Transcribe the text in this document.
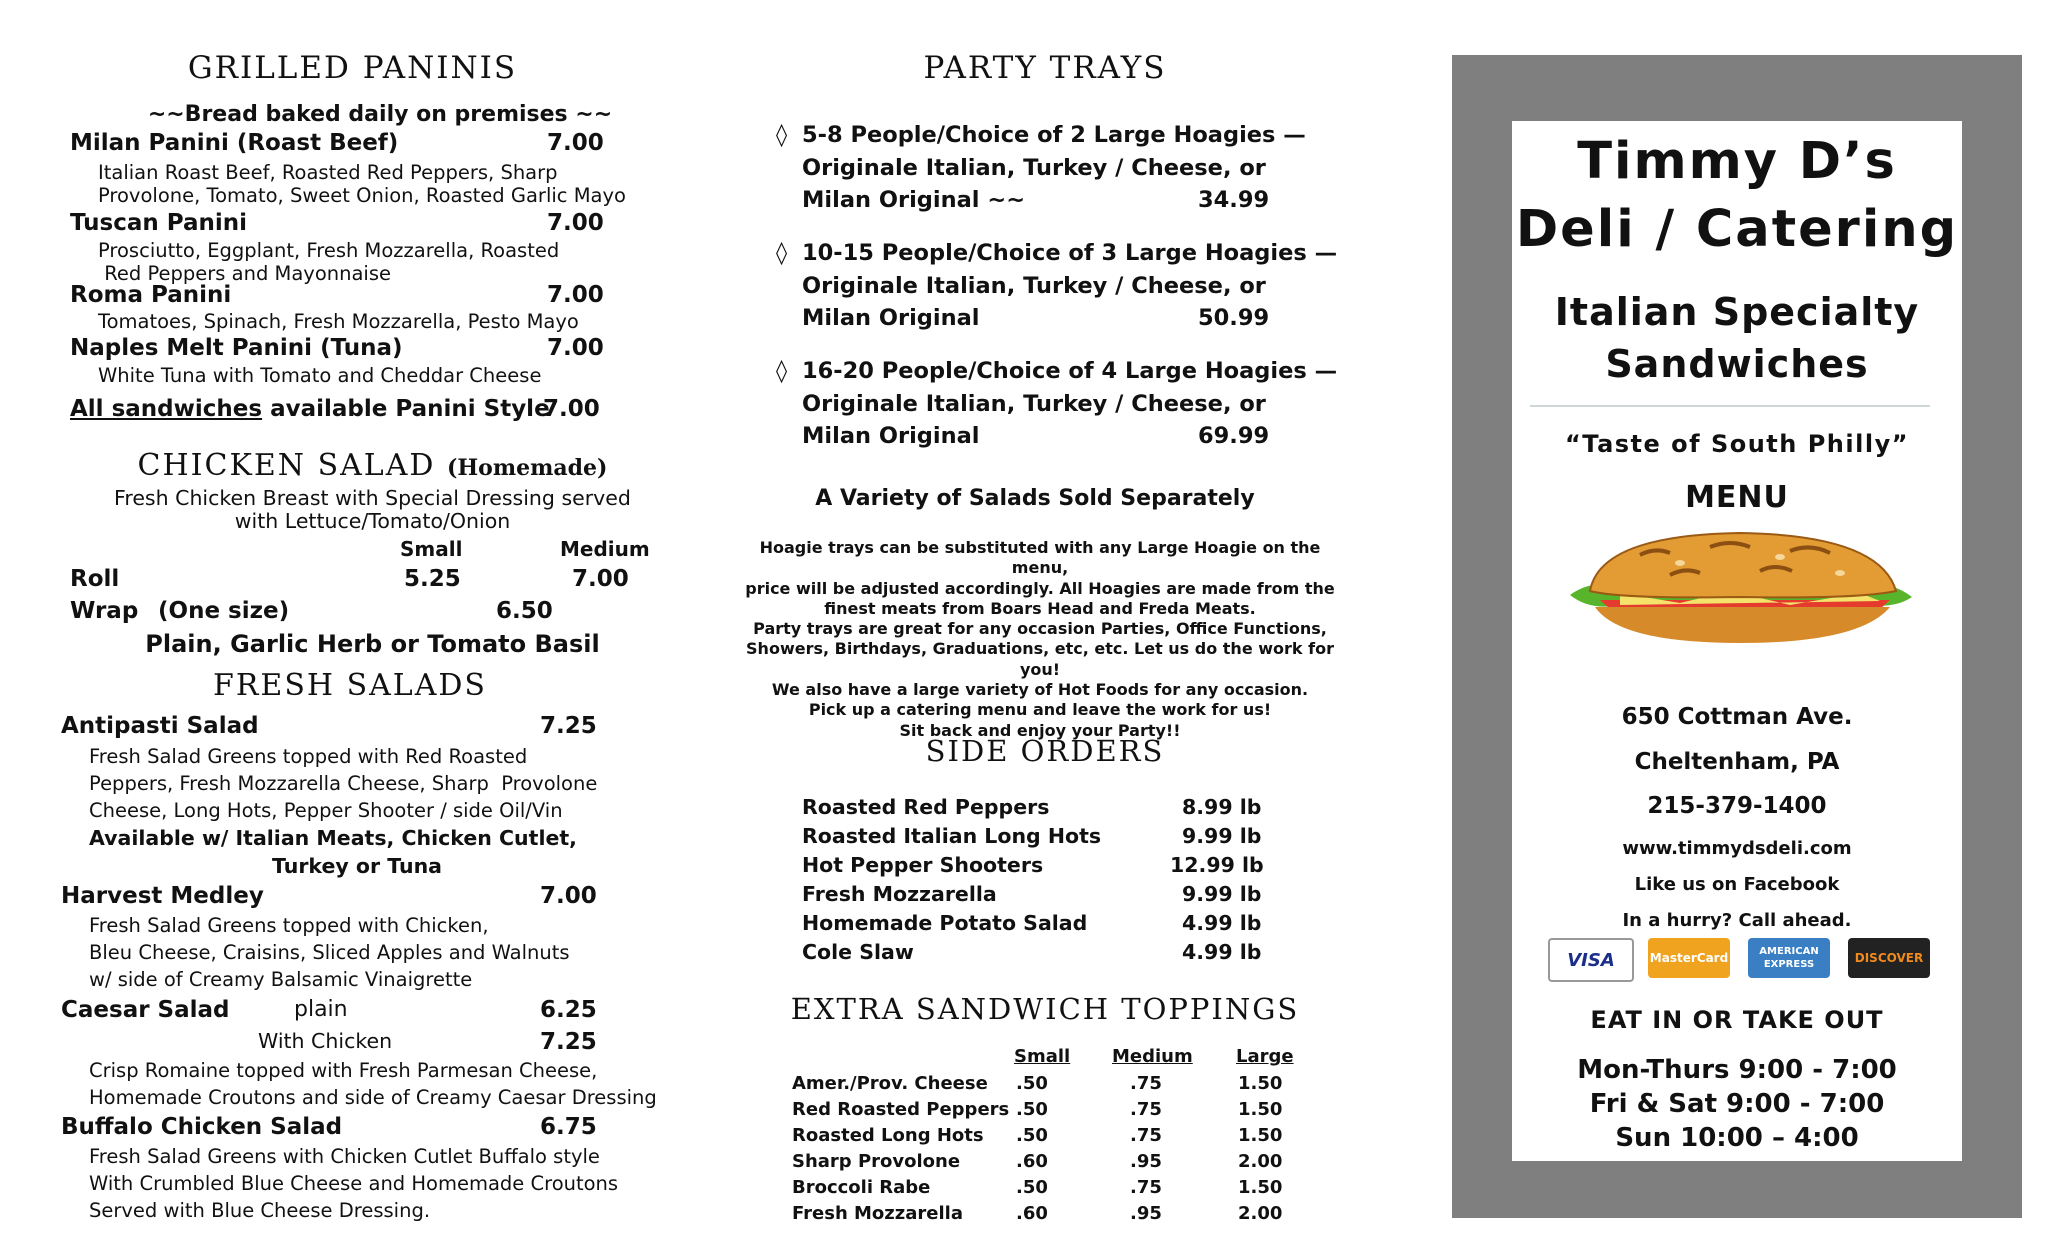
GRILLED PANINIS
~~Bread baked daily on premises ~~
Milan Panini (Roast Beef)	7.00
Italian Roast Beef, Roasted Red Peppers, Sharp
Provolone, Tomato, Sweet Onion, Roasted Garlic Mayo
Tuscan Panini	7.00
Prosciutto, Eggplant, Fresh Mozzarella, Roasted
Red Peppers and Mayonnaise
Roma Panini	7.00
Tomatoes, Spinach, Fresh Mozzarella, Pesto Mayo
Naples Melt Panini (Tuna)	7.00
White Tuna with Tomato and Cheddar Cheese
All sandwiches available Panini Style
7.00
CHICKEN SALAD (Homemade)
Fresh Chicken Breast with Special Dressing served
with Lettuce/Tomato/Onion
Small	Medium
Roll	5.25	7.00
Wrap (One size)	6.50
Plain, Garlic Herb or Tomato Basil
FRESH SALADS
Antipasti Salad	7.25
Fresh Salad Greens topped with Red Roasted
Peppers, Fresh Mozzarella Cheese, Sharp  Provolone
Cheese, Long Hots, Pepper Shooter / side Oil/Vin
Available w/ Italian Meats, Chicken Cutlet,
Turkey or Tuna
Harvest Medley	7.00
Fresh Salad Greens topped with Chicken,
Bleu Cheese, Craisins, Sliced Apples and Walnuts
w/ side of Creamy Balsamic Vinaigrette
Caesar Salad	plain	6.25
With Chicken	7.25
Crisp Romaine topped with Fresh Parmesan Cheese,
Homemade Croutons and side of Creamy Caesar Dressing
Buffalo Chicken Salad	6.75
Fresh Salad Greens with Chicken Cutlet Buffalo style
With Crumbled Blue Cheese and Homemade Croutons
Served with Blue Cheese Dressing.
PARTY TRAYS
◊ 5-8 People/Choice of 2 Large Hoagies —
Originale Italian, Turkey / Cheese, or
Milan Original ~~	34.99
◊ 10-15 People/Choice of 3 Large Hoagies —
Originale Italian, Turkey / Cheese, or
Milan Original	50.99
◊ 16-20 People/Choice of 4 Large Hoagies —
Originale Italian, Turkey / Cheese, or
Milan Original	69.99
A Variety of Salads Sold Separately
Hoagie trays can be substituted with any Large Hoagie on the menu,
price will be adjusted accordingly. All Hoagies are made from the
finest meats from Boars Head and Freda Meats.
Party trays are great for any occasion Parties, Office Functions,
Showers, Birthdays, Graduations, etc, etc. Let us do the work for you!
We also have a large variety of Hot Foods for any occasion.
Pick up a catering menu and leave the work for us!
Sit back and enjoy your Party!!
SIDE ORDERS
Roasted Red Peppers	8.99 lb
Roasted Italian Long Hots	9.99 lb
Hot Pepper Shooters	12.99 lb
Fresh Mozzarella	9.99 lb
Homemade Potato Salad	4.99 lb
Cole Slaw	4.99 lb
EXTRA SANDWICH TOPPINGS
Small Medium Large
Amer./Prov. Cheese .50	.75	1.50
Red Roasted Peppers .50	.75	1.50
Roasted Long Hots .50	.75	1.50
Sharp Provolone	.60	.95	2.00
Broccoli Rabe	.50	.75	1.50
Fresh Mozzarella	.60	.95	2.00
Timmy D’s
Deli / Catering
Italian Specialty
Sandwiches
“Taste of South Philly”
MENU
650 Cottman Ave.
Cheltenham, PA
215-379-1400
www.timmydsdeli.com
Like us on Facebook
In a hurry? Call ahead.
VISA	MasterCard	AMERICAN EXPRESS	DISCOVER
EAT IN OR TAKE OUT
Mon-Thurs 9:00 - 7:00
Fri & Sat 9:00 - 7:00
Sun 10:00 – 4:00
